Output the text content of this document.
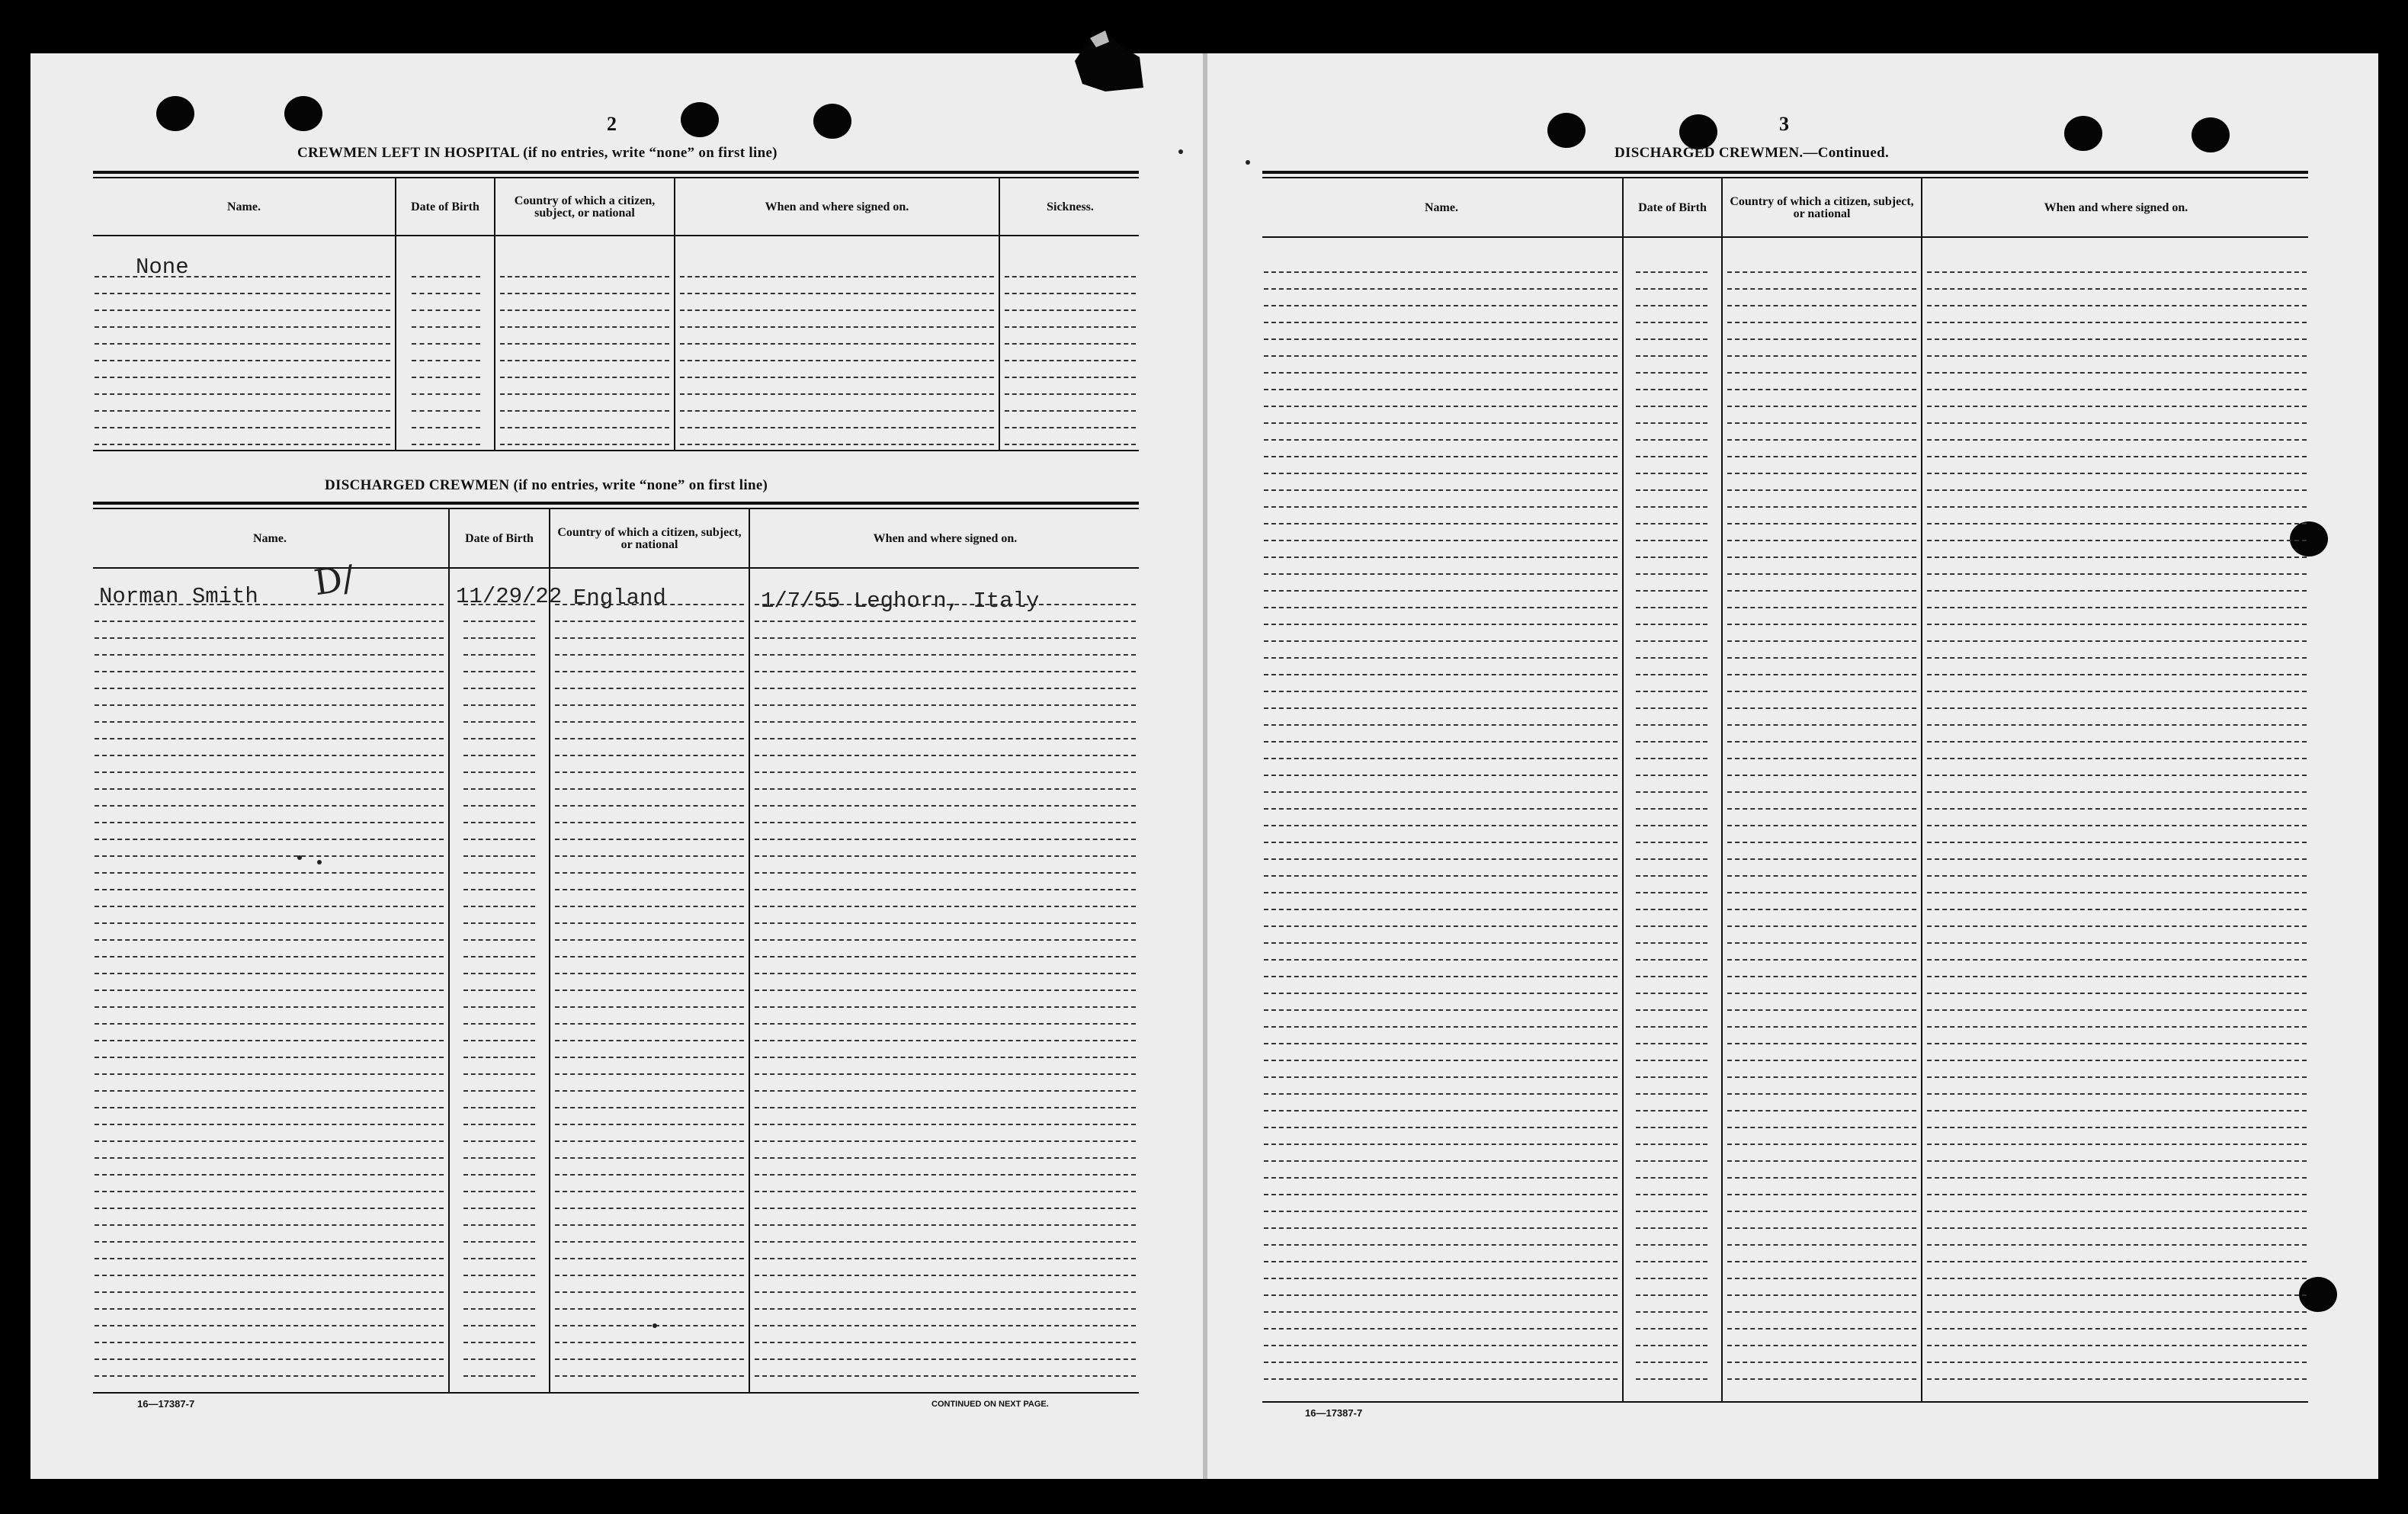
2
CREWMEN LEFT IN HOSPITAL (if no entries, write “none” on first line)
Name.	Date of Birth	Country of which a citizen, subject, or national	When and where signed on.	Sickness.
None
DISCHARGED CREWMEN (if no entries, write “none” on first line)
Name.	Date of Birth	Country of which a citizen, subject, or national	When and where signed on.
Norman Smith	11/29/22 England	1/7/55 Leghorn, Italy
D/
16—17387-7	CONTINUED ON NEXT PAGE.
3
DISCHARGED CREWMEN.—Continued.
Name.	Date of Birth	Country of which a citizen, subject, or national	When and where signed on.
16—17387-7
